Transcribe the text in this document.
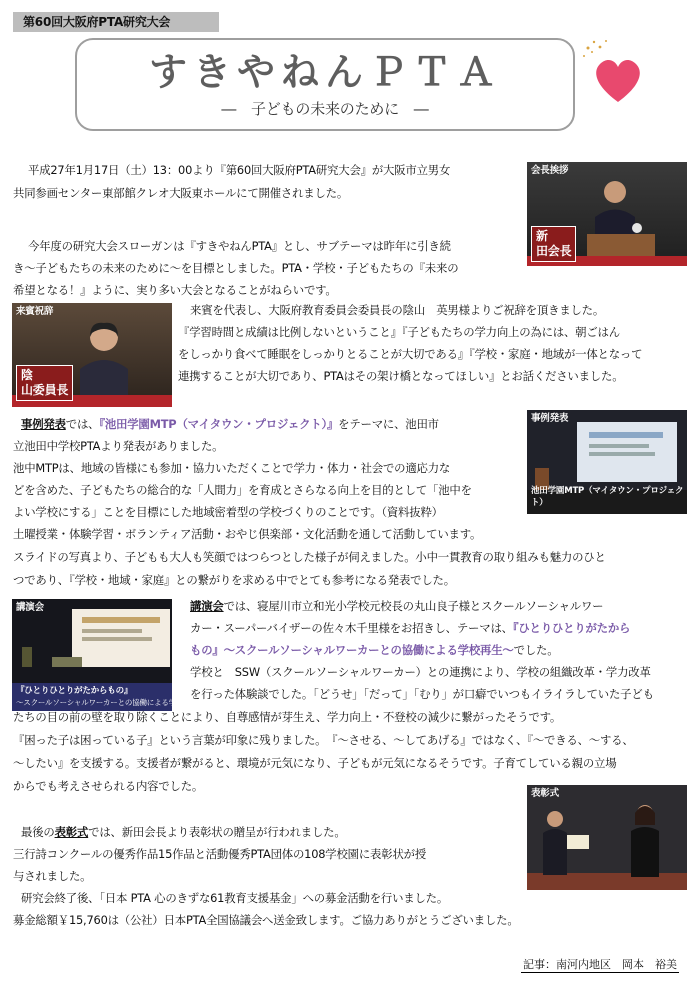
第60回大阪府PTA研究大会
すきやねんＰＴＡ
―　子どもの未来のために　―
平成27年1月17日（土）13：00より『第60回大阪府PTA研究大会』が大阪市立男女
共同参画センター東部館クレオ大阪東ホールにて開催されました。
会長挨拶
新
田会長
今年度の研究大会スローガンは『すきやねんPTA』とし、サブテーマは昨年に引き続
き～子どもたちの未来のために～を目標としました。PTA・学校・子どもたちの『未来の
希望となる！』ように、実り多い大会となることがねらいです。
来賓祝辞
陰
山委員長
来賓を代表し、大阪府教育委員会委員長の陰山　英男様よりご祝辞を頂きました。
『学習時間と成績は比例しないということ』『子どもたちの学力向上の為には、朝ごはん
をしっかり食べて睡眠をしっかりとることが大切である』『学校・家庭・地域が一体となって
連携することが大切であり、PTAはその架け橋となってほしい』とお話くださいました。
事例発表
池田学園MTP（マイタウン・プロジェクト）
事例発表では、『池田学園MTP（マイタウン・プロジェクト）』をテーマに、池田市
立池田中学校PTAより発表がありました。
池中MTPは、地域の皆様にも参加・協力いただくことで学力・体力・社会での適応力な
どを含めた、子どもたちの総合的な「人間力」を育成とさらなる向上を目的として「池中を
よい学校にする」ことを目標にした地域密着型の学校づくりのことです。（資料抜粋）
土曜授業・体験学習・ボランティア活動・おやじ倶楽部・文化活動を通して活動しています。
スライドの写真より、子どもも大人も笑顔ではつらつとした様子が伺えました。小中一貫教育の取り組みも魅力のひと
つであり、『学校・地域・家庭』との繋がりを求める中でとても参考になる発表でした。
講演会
『ひとりひとりがたからもの』
～スクールソーシャルワーカーとの協働による学校再生～
講演会では、寝屋川市立和光小学校元校長の丸山良子様とスクールソーシャルワー
カー・スーパーバイザーの佐々木千里様をお招きし、テーマは、『ひとりひとりがたから
もの』～スクールソーシャルワーカーとの協働による学校再生～でした。
学校と　SSW（スクールソーシャルワーカー）との連携により、学校の組織改革・学力改革
を行った体験談でした。「どうせ」「だって」「むり」が口癖でいつもイライラしていた子ども
たちの目の前の壁を取り除くことにより、自尊感情が芽生え、学力向上・不登校の減少に繋がったそうです。
『困った子は困っている子』という言葉が印象に残りました。　『～させる、～してあげる』ではなく、『～できる、～する、
～したい』を支援する。支援者が繋がると、環境が元気になり、子どもが元気になるそうです。子育てしている親の立場
からでも考えさせられる内容でした。
表彰式
最後の表彰式では、新田会長より表彰状の贈呈が行われました。
三行詩コンクールの優秀作品15作品と活動優秀PTA団体の108学校園に表彰状が授
与されました。
研究会終了後、「日本 PTA 心のきずな61教育支援基金」への募金活動を行いました。
募金総額￥15,760は（公社）日本PTA全国協議会へ送金致します。ご協力ありがとうございました。
記事：南河内地区　岡本　裕美
